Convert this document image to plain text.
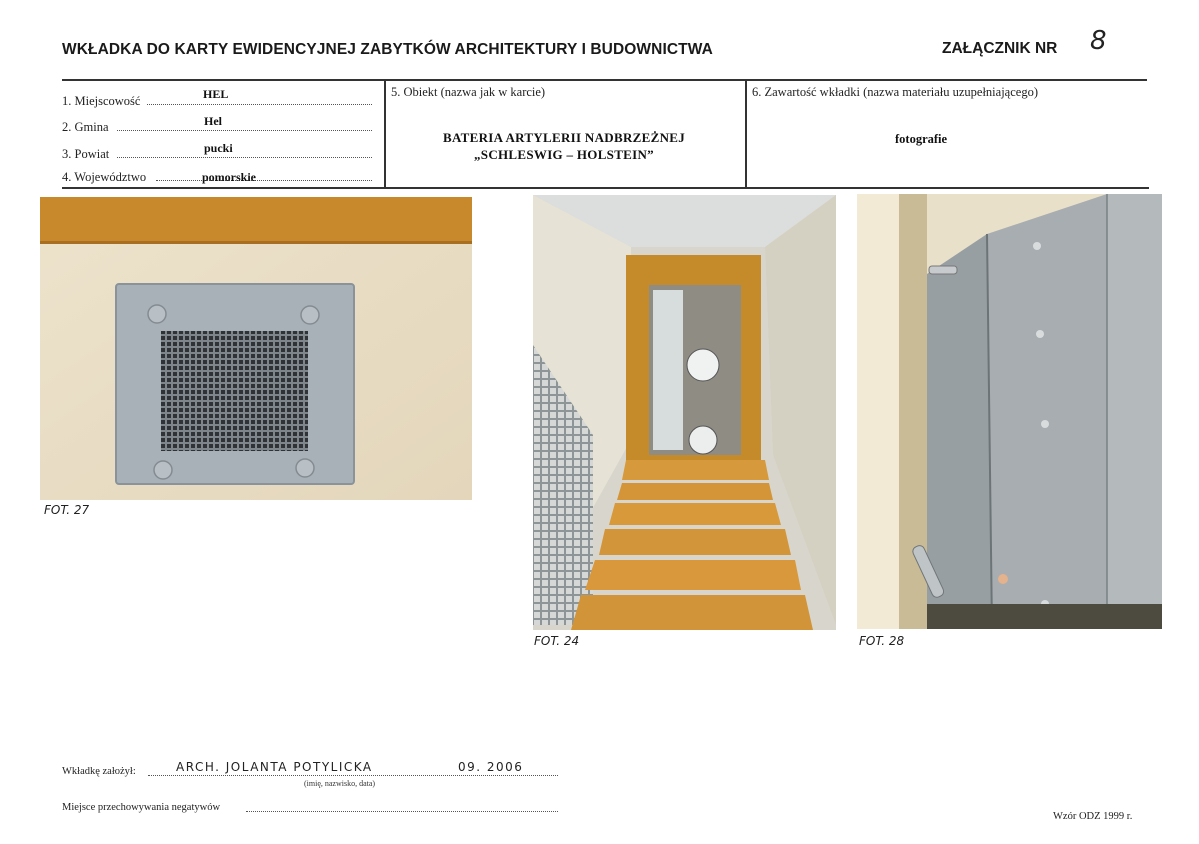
WKŁADKA DO KARTY EWIDENCYJNEJ ZABYTKÓW ARCHITEKTURY I BUDOWNICTWA	ZAŁĄCZNIK NR 8
1. Miejscowość	HEL
2. Gmina	Hel
3. Powiat	pucki
4. Województwo	pomorskie
5. Obiekt (nazwa jak w karcie)
BATERIA ARTYLERII NADBRZEŻNEJ
„SCHLESWIG – HOLSTEIN”
6. Zawartość wkładki (nazwa materiału uzupełniającego)
fotografie
FOT. 27
FOT. 24	FOT. 28
Wkładkę założył:	ARCH. JOLANTA POTYLICKA	09. 2006
(imię, nazwisko, data)
Miejsce przechowywania negatywów
Wzór ODZ 1999 r.
